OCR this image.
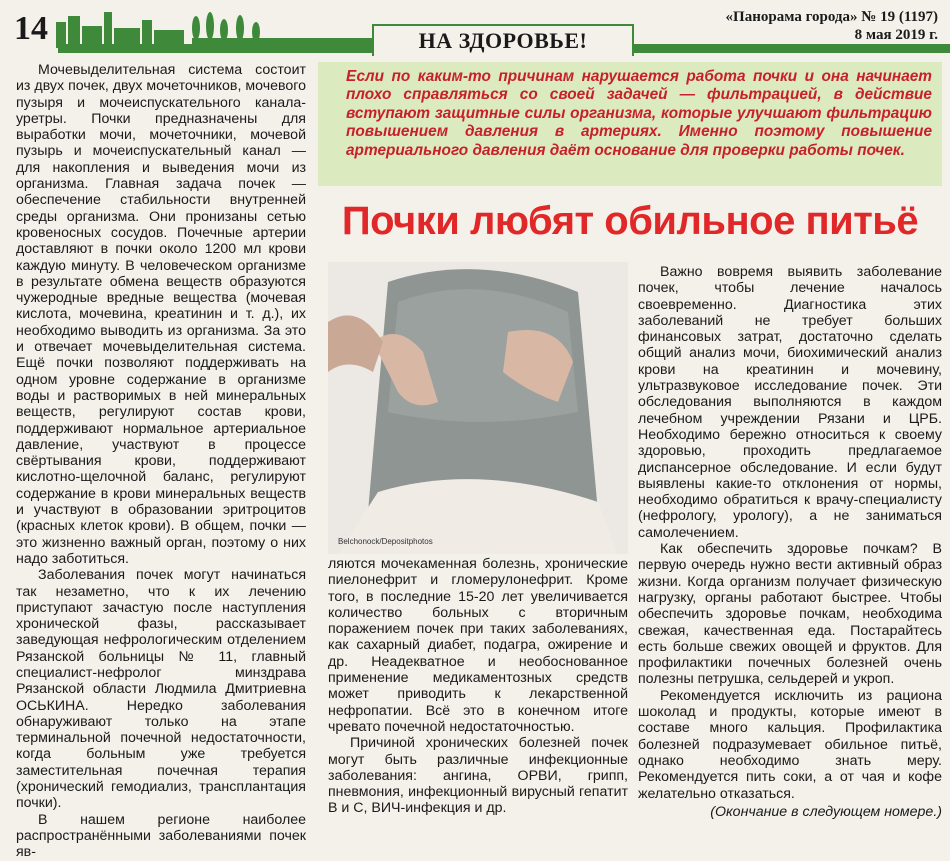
14	НА ЗДОРОВЬЕ!
«Панорама города» № 19 (1197)
8 мая 2019 г.

Мочевыделительная система состоит из двух почек, двух мочеточников, мочевого пузыря и мочеиспускательного канала-уретры. Почки предназначены для выработки мочи, мочеточники, мочевой пузырь и мочеиспускательный канал — для накопления и выведения мочи из организма. Главная задача почек — обеспечение стабильности внутренней среды организма. Они пронизаны сетью кровеносных сосудов. Почечные артерии доставляют в почки около 1200 мл крови каждую минуту. В человеческом организме в результате обмена веществ образуются чужеродные вредные вещества (мочевая кислота, мочевина, креатинин и т. д.), их необходимо выводить из организма. За это и отвечает мочевыделительная система. Ещё почки позволяют поддерживать на одном уровне содержание в организме воды и растворимых в ней минеральных веществ, регулируют состав крови, поддерживают нормальное артериальное давление, участвуют в процессе свёртывания крови, поддерживают кислотно-щелочной баланс, регулируют содержание в крови минеральных веществ и участвуют в образовании эритроцитов (красных клеток крови). В общем, почки — это жизненно важный орган, поэтому о них надо заботиться.

Заболевания почек могут начинаться так незаметно, что к их лечению приступают зачастую после наступления хронической фазы, рассказывает заведующая нефрологическим отделением Рязанской больницы № 11, главный специалист-нефролог минздрава Рязанской области Людмила Дмитриевна ОСЬКИНА. Нередко заболевания обнаруживают только на этапе терминальной почечной недостаточности, когда больным уже требуется заместительная почечная терапия (хронический гемодиализ, трансплантация почки).

В нашем регионе наиболее распространёнными заболеваниями почек яв-

Если по каким-то причинам нарушается работа почки и она начинает плохо справляться со своей задачей — фильтрацией, в действие вступают защитные силы организма, которые улучшают фильтрацию повышением давления в артериях. Именно поэтому повышение артериального давления даёт основание для проверки работы почек.
Почки любят обильное питьё
Belchonock/Depositphotos

ляются мочекаменная болезнь, хронические пиелонефрит и гломерулонефрит. Кроме того, в последние 15-20 лет увеличивается количество больных с вторичным поражением почек при таких заболеваниях, как сахарный диабет, подагра, ожирение и др. Неадекватное и необоснованное применение медикаментозных средств может приводить к лекарственной нефропатии. Всё это в конечном итоге чревато почечной недостаточностью.

Причиной хронических болезней почек могут быть различные инфекционные заболевания: ангина, ОРВИ, грипп, пневмония, инфекционный вирусный гепатит В и С, ВИЧ-инфекция и др.

Важно вовремя выявить заболевание почек, чтобы лечение началось своевременно. Диагностика этих заболеваний не требует больших финансовых затрат, достаточно сделать общий анализ мочи, биохимический анализ крови на креатинин и мочевину, ультразвуковое исследование почек. Эти обследования выполняются в каждом лечебном учреждении Рязани и ЦРБ. Необходимо бережно относиться к своему здоровью, проходить предлагаемое диспансерное обследование. И если будут выявлены какие-то отклонения от нормы, необходимо обратиться к врачу-специалисту (нефрологу, урологу), а не заниматься самолечением.

Как обеспечить здоровье почкам? В первую очередь нужно вести активный образ жизни. Когда организм получает физическую нагрузку, органы работают быстрее. Чтобы обеспечить здоровье почкам, необходима свежая, качественная еда. Постарайтесь есть больше свежих овощей и фруктов. Для профилактики почечных болезней очень полезны петрушка, сельдерей и укроп.

Рекомендуется исключить из рациона шоколад и продукты, которые имеют в составе много кальция. Профилактика болезней подразумевает обильное питьё, однако необходимо знать меру. Рекомендуется пить соки, а от чая и кофе желательно отказаться.

(Окончание в следующем номере.)
